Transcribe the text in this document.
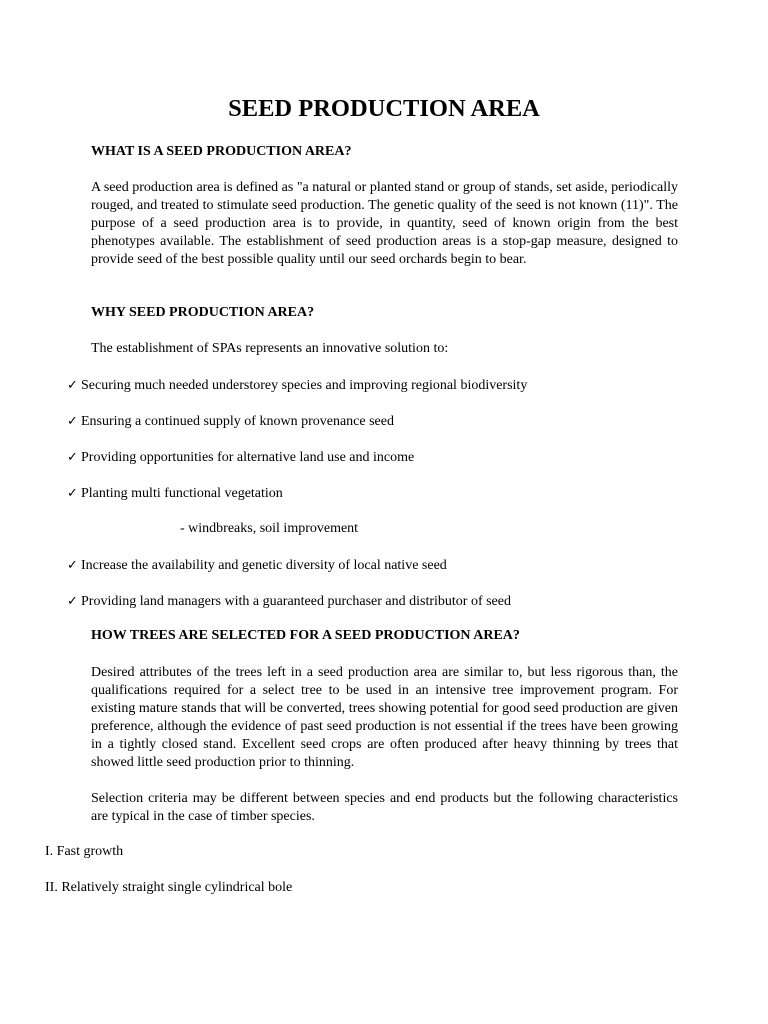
SEED PRODUCTION AREA
WHAT IS A SEED PRODUCTION AREA?
A seed production area is defined as "a natural or planted stand or group of stands, set aside, periodically rouged, and treated to stimulate seed production. The genetic quality of the seed is not known (11)". The purpose of a seed production area is to provide, in quantity, seed of known origin from the best phenotypes available. The establishment of seed production areas is a stop-gap measure, designed to provide seed of the best possible quality until our seed orchards begin to bear.
WHY SEED PRODUCTION AREA?
The establishment of SPAs represents an innovative solution to:
✓ Securing much needed understorey species and improving regional biodiversity
✓ Ensuring a continued supply of known provenance seed
✓ Providing opportunities for alternative land use and income
✓ Planting multi functional vegetation
- windbreaks, soil improvement
✓ Increase the availability and genetic diversity of local native seed
✓ Providing land managers with a guaranteed purchaser and distributor of seed
HOW TREES ARE SELECTED FOR A SEED PRODUCTION AREA?
Desired attributes of the trees left in a seed production area are similar to, but less rigorous than, the qualifications required for a select tree to be used in an intensive tree improvement program. For existing mature stands that will be converted, trees showing potential for good seed production are given preference, although the evidence of past seed production is not essential if the trees have been growing in a tightly closed stand. Excellent seed crops are often produced after heavy thinning by trees that showed little seed production prior to thinning.
Selection criteria may be different between species and end products but the following characteristics are typical in the case of timber species.
I. Fast growth
II. Relatively straight single cylindrical bole
